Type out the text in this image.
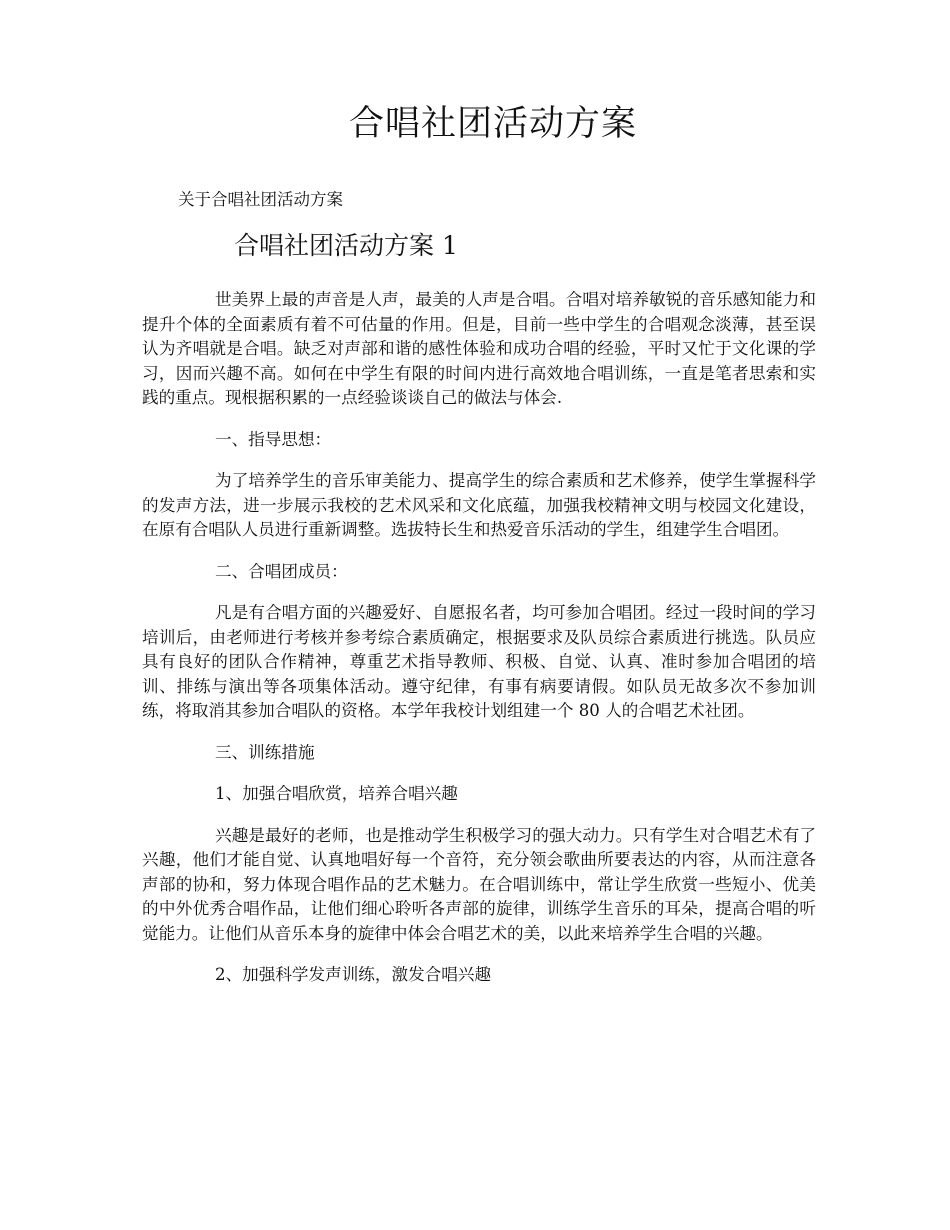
合唱社团活动方案

关于合唱社团活动方案

合唱社团活动方案 1

世美界上最的声音是人声，最美的人声是合唱。合唱对培养敏锐的音乐感知能力和提升个体的全面素质有着不可估量的作用。但是，目前一些中学生的合唱观念淡薄，甚至误认为齐唱就是合唱。缺乏对声部和谐的感性体验和成功合唱的经验，平时又忙于文化课的学习，因而兴趣不高。如何在中学生有限的时间内进行高效地合唱训练，一直是笔者思索和实践的重点。现根据积累的一点经验谈谈自己的做法与体会.

一、指导思想：

为了培养学生的音乐审美能力、提高学生的综合素质和艺术修养，使学生掌握科学的发声方法，进一步展示我校的艺术风采和文化底蕴，加强我校精神文明与校园文化建设，在原有合唱队人员进行重新调整。选拔特长生和热爱音乐活动的学生，组建学生合唱团。

二、合唱团成员：

凡是有合唱方面的兴趣爱好、自愿报名者，均可参加合唱团。经过一段时间的学习培训后，由老师进行考核并参考综合素质确定，根据要求及队员综合素质进行挑选。队员应具有良好的团队合作精神，尊重艺术指导教师、积极、自觉、认真、准时参加合唱团的培训、排练与演出等各项集体活动。遵守纪律，有事有病要请假。如队员无故多次不参加训练，将取消其参加合唱队的资格。本学年我校计划组建一个 80 人的合唱艺术社团。

三、训练措施

1、加强合唱欣赏，培养合唱兴趣

兴趣是最好的老师，也是推动学生积极学习的强大动力。只有学生对合唱艺术有了兴趣，他们才能自觉、认真地唱好每一个音符，充分领会歌曲所要表达的内容，从而注意各声部的协和，努力体现合唱作品的艺术魅力。在合唱训练中，常让学生欣赏一些短小、优美的中外优秀合唱作品，让他们细心聆听各声部的旋律，训练学生音乐的耳朵，提高合唱的听觉能力。让他们从音乐本身的旋律中体会合唱艺术的美，以此来培养学生合唱的兴趣。

2、加强科学发声训练，激发合唱兴趣
